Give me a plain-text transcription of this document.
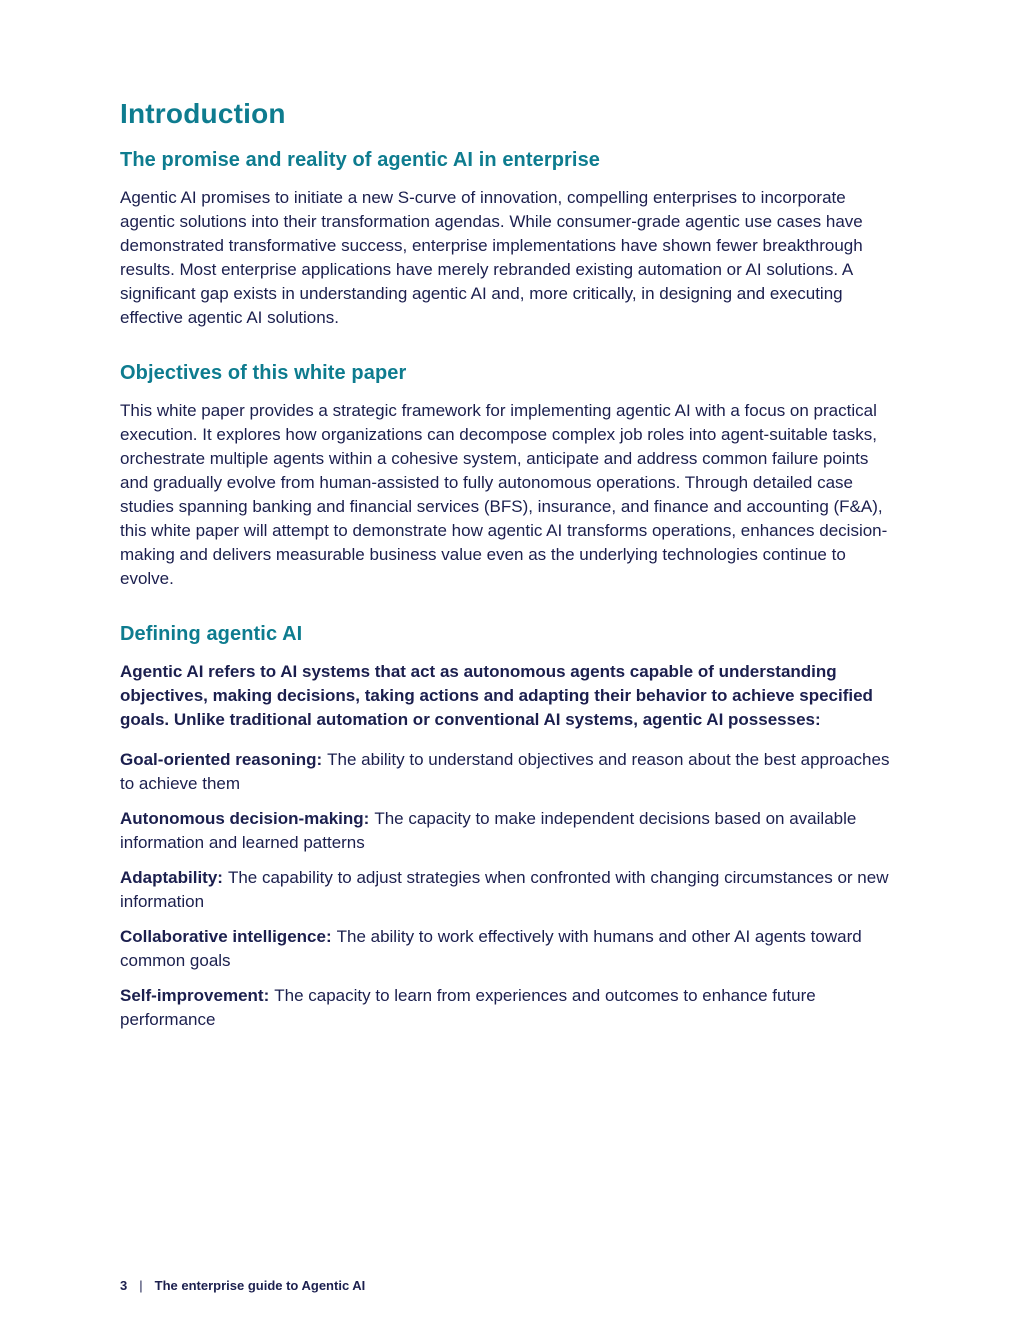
Introduction
The promise and reality of agentic AI in enterprise

Agentic AI promises to initiate a new S-curve of innovation, compelling enterprises to incorporate agentic solutions into their transformation agendas. While consumer-grade agentic use cases have demonstrated transformative success, enterprise implementations have shown fewer breakthrough results. Most enterprise applications have merely rebranded existing automation or AI solutions. A significant gap exists in understanding agentic AI and, more critically, in designing and executing effective agentic AI solutions.

Objectives of this white paper

This white paper provides a strategic framework for implementing agentic AI with a focus on practical execution. It explores how organizations can decompose complex job roles into agent-suitable tasks, orchestrate multiple agents within a cohesive system, anticipate and address common failure points and gradually evolve from human-assisted to fully autonomous operations. Through detailed case studies spanning banking and financial services (BFS), insurance, and finance and accounting (F&A), this white paper will attempt to demonstrate how agentic AI transforms operations, enhances decision-making and delivers measurable business value even as the underlying technologies continue to evolve.

Defining agentic AI

Agentic AI refers to AI systems that act as autonomous agents capable of understanding objectives, making decisions, taking actions and adapting their behavior to achieve specified goals. Unlike traditional automation or conventional AI systems, agentic AI possesses:

Goal-oriented reasoning: The ability to understand objectives and reason about the best approaches to achieve them

Autonomous decision-making: The capacity to make independent decisions based on available information and learned patterns

Adaptability: The capability to adjust strategies when confronted with changing circumstances or new information

Collaborative intelligence: The ability to work effectively with humans and other AI agents toward common goals

Self-improvement: The capacity to learn from experiences and outcomes to enhance future performance

3 | The enterprise guide to Agentic AI
